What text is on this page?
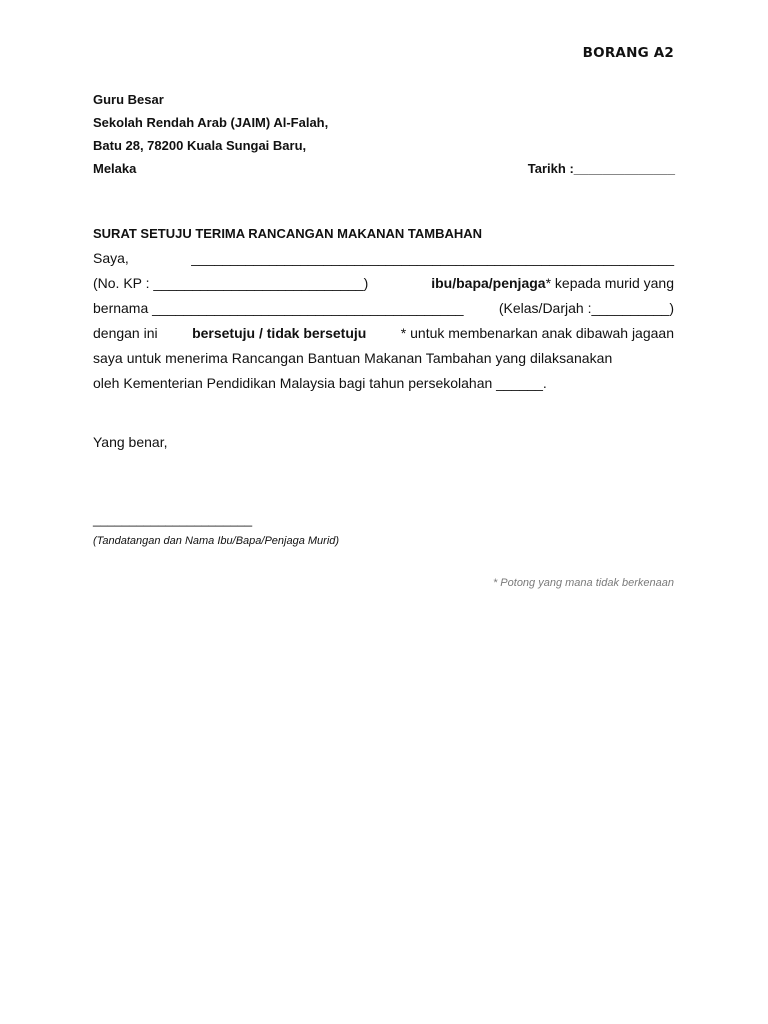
BORANG A2
Guru Besar
Sekolah Rendah Arab (JAIM) Al-Falah,
Batu 28, 78200 Kuala Sungai Baru,
Melaka	Tarikh :______________
SURAT SETUJU TERIMA RANCANGAN MAKANAN TAMBAHAN
Saya,	______________________________________________________________
(No. KP : ___________________________)	ibu/bapa/penjaga* kepada murid yang
bernama ________________________________________	(Kelas/Darjah :__________)
dengan ini bersetuju / tidak bersetuju * untuk membenarkan anak dibawah jagaan
saya untuk menerima Rancangan Bantuan Makanan Tambahan yang dilaksanakan
oleh Kementerian Pendidikan Malaysia bagi tahun persekolahan ______.
Yang benar,
______________________
(Tandatangan dan Nama Ibu/Bapa/Penjaga Murid)
* Potong yang mana tidak berkenaan
